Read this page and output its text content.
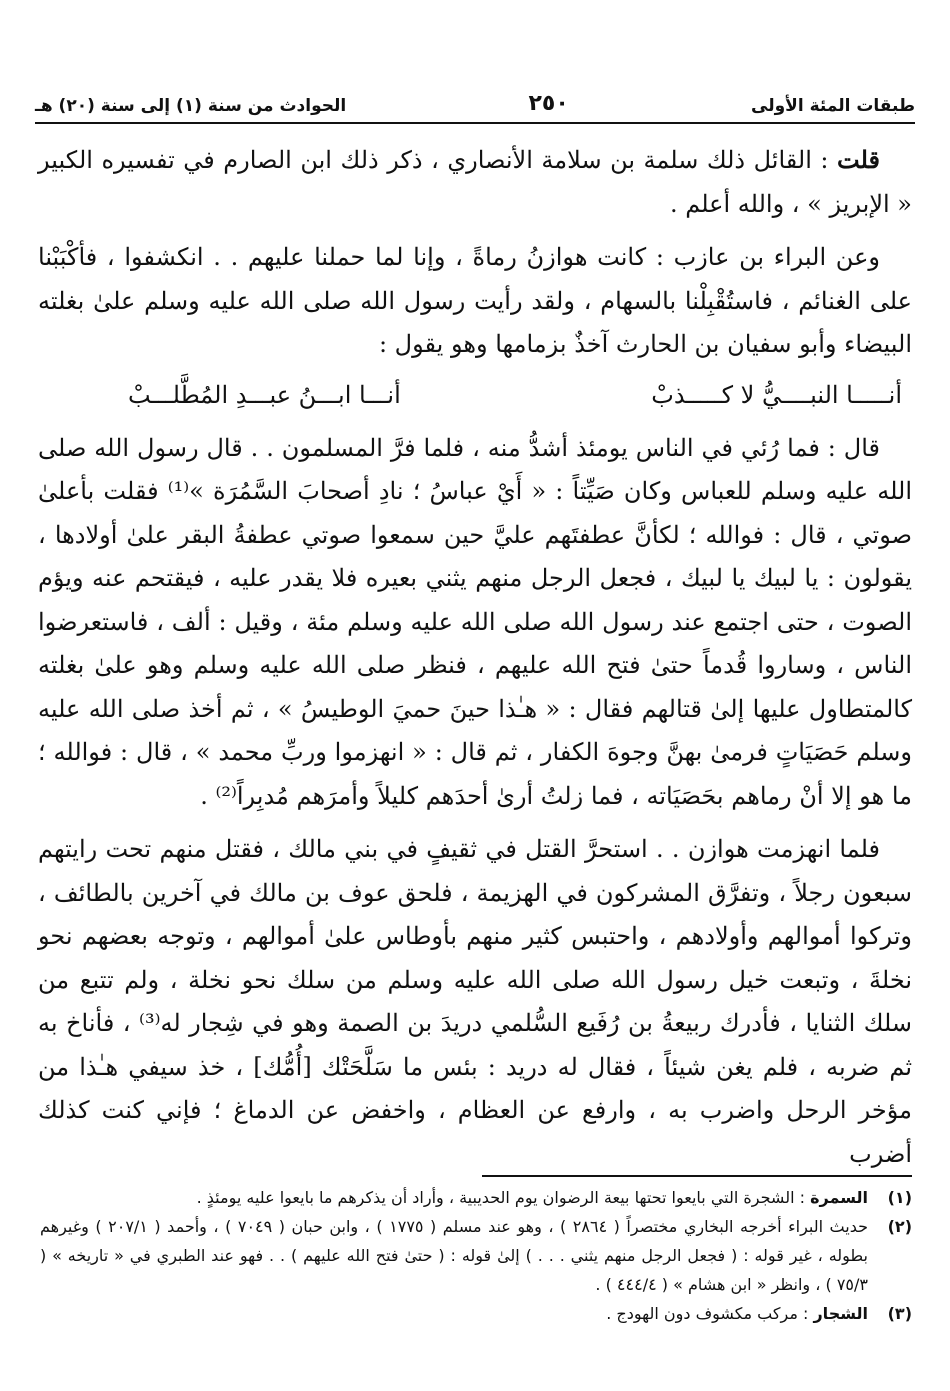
طبقات المئة الأولى
٢٥٠
الحوادث من سنة (١) إلى سنة (٢٠) هـ

قلت : القائل ذلك سلمة بن سلامة الأنصاري ، ذكر ذلك ابن الصارم في تفسيره الكبير « الإبريز » ، والله أعلم .

وعن البراء بن عازب : كانت هوازنُ رماةً ، وإنا لما حملنا عليهم . . انكشفوا ، فأكْبَبْنا على الغنائم ، فاستُقْبِلْنا بالسهام ، ولقد رأيت رسول الله صلى الله عليه وسلم علىٰ بغلته البيضاء وأبو سفيان بن الحارث آخذٌ بزمامها وهو يقول :

أنـــــا النبــــيُّ لا كـــــذبْ
أنـــا ابـــنُ عبـــدِ المُطَّلـــبْ

قال : فما رُئي في الناس يومئذ أشدُّ منه ، فلما فرَّ المسلمون . . قال رسول الله صلى الله عليه وسلم للعباس وكان صَيِّتاً : « أَيْ عباسُ ؛ نادِ أصحابَ السَّمُرَة »⁽¹⁾ فقلت بأعلىٰ صوتي ، قال : فوالله ؛ لكأنَّ عطفتَهم عليَّ حين سمعوا صوتي عطفةُ البقر علىٰ أولادها ، يقولون : يا لبيك يا لبيك ، فجعل الرجل منهم يثني بعيره فلا يقدر عليه ، فيقتحم عنه ويؤم الصوت ، حتى اجتمع عند رسول الله صلى الله عليه وسلم مئة ، وقيل : ألف ، فاستعرضوا الناس ، وساروا قُدماً حتىٰ فتح الله عليهم ، فنظر صلى الله عليه وسلم وهو علىٰ بغلته كالمتطاول عليها إلىٰ قتالهم فقال : « هـٰذا حينَ حميَ الوطيسُ » ، ثم أخذ صلى الله عليه وسلم حَصَيَاتٍ فرمىٰ بهنَّ وجوهَ الكفار ، ثم قال : « انهزموا وربِّ محمد » ، قال : فوالله ؛ ما هو إلا أنْ رماهم بحَصَيَاته ، فما زلتُ أرىٰ أحدَهم كليلاً وأمرَهم مُدبِراً⁽²⁾ .

فلما انهزمت هوازن . . استحرَّ القتل في ثقيفٍ في بني مالك ، فقتل منهم تحت رايتهم سبعون رجلاً ، وتفرَّق المشركون في الهزيمة ، فلحق عوف بن مالك في آخرين بالطائف ، وتركوا أموالهم وأولادهم ، واحتبس كثير منهم بأوطاس علىٰ أموالهم ، وتوجه بعضهم نحو نخلةَ ، وتبعت خيل رسول الله صلى الله عليه وسلم من سلك نحو نخلة ، ولم تتبع من سلك الثنايا ، فأدرك ربيعةُ بن رُفَيع السُّلمي دريدَ بن الصمة وهو في شِجار له⁽³⁾ ، فأناخ به ثم ضربه ، فلم يغن شيئاً ، فقال له دريد : بئس ما سَلَّحَتْك [أُمُّك] ، خذ سيفي هـٰذا من مؤخر الرحل واضرب به ، وارفع عن العظام ، واخفض عن الدماغ ؛ فإني كنت كذلك أضرب

(١)
السمرة : الشجرة التي بايعوا تحتها بيعة الرضوان يوم الحديبية ، وأراد أن يذكرهم ما بايعوا عليه يومئذٍ .
(٢)
حديث البراء أخرجه البخاري مختصراً ( ٢٨٦٤ ) ، وهو عند مسلم ( ١٧٧٥ ) ، وابن حبان ( ٧٠٤٩ ) ، وأحمد ( ٢٠٧/١ ) وغيرهم بطوله ، غير قوله : ( فجعل الرجل منهم يثني . . . ) إلىٰ قوله : ( حتىٰ فتح الله عليهم ) . . فهو عند الطبري في « تاريخه » ( ٧٥/٣ ) ، وانظر « ابن هشام » ( ٤٤٤/٤ ) .
(٣)
الشجار : مركب مكشوف دون الهودج .
